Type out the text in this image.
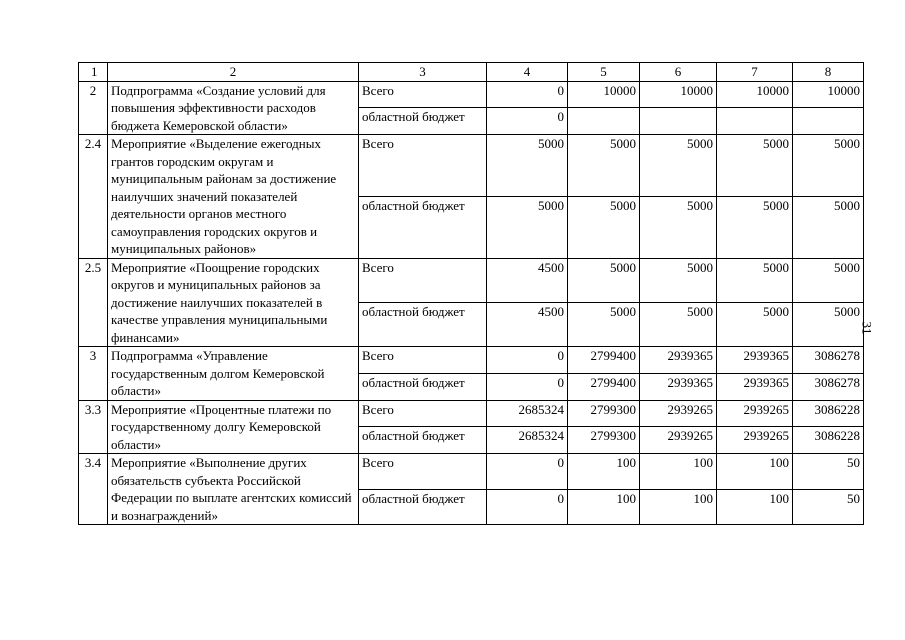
1	2	3	4	5	6	7	8
2	Подпрограмма «Создание условий для повышения эффективности расходов бюджета Кемеровской области»	Всего	0	10000	10000	10000	10000
		областной бюджет	0				
2.4	Мероприятие «Выделение ежегодных грантов городским округам и муниципальным районам за достижение наилучших значений показателей деятельности органов местного самоуправления городских округов и муниципальных районов»	Всего	5000	5000	5000	5000	5000
		областной бюджет	5000	5000	5000	5000	5000
2.5	Мероприятие «Поощрение городских округов и муниципальных районов за достижение наилучших показателей в качестве управления муниципальными финансами»	Всего	4500	5000	5000	5000	5000
		областной бюджет	4500	5000	5000	5000	5000
3	Подпрограмма «Управление государственным долгом Кемеровской области»	Всего	0	2799400	2939365	2939365	3086278
		областной бюджет	0	2799400	2939365	2939365	3086278
3.3	Мероприятие «Процентные платежи по государственному долгу Кемеровской области»	Всего	2685324	2799300	2939265	2939265	3086228
		областной бюджет	2685324	2799300	2939265	2939265	3086228
3.4	Мероприятие «Выполнение других обязательств субъекта Российской Федерации по выплате агентских комиссий и вознаграждений»	Всего	0	100	100	100	50
		областной бюджет	0	100	100	100	50
31
